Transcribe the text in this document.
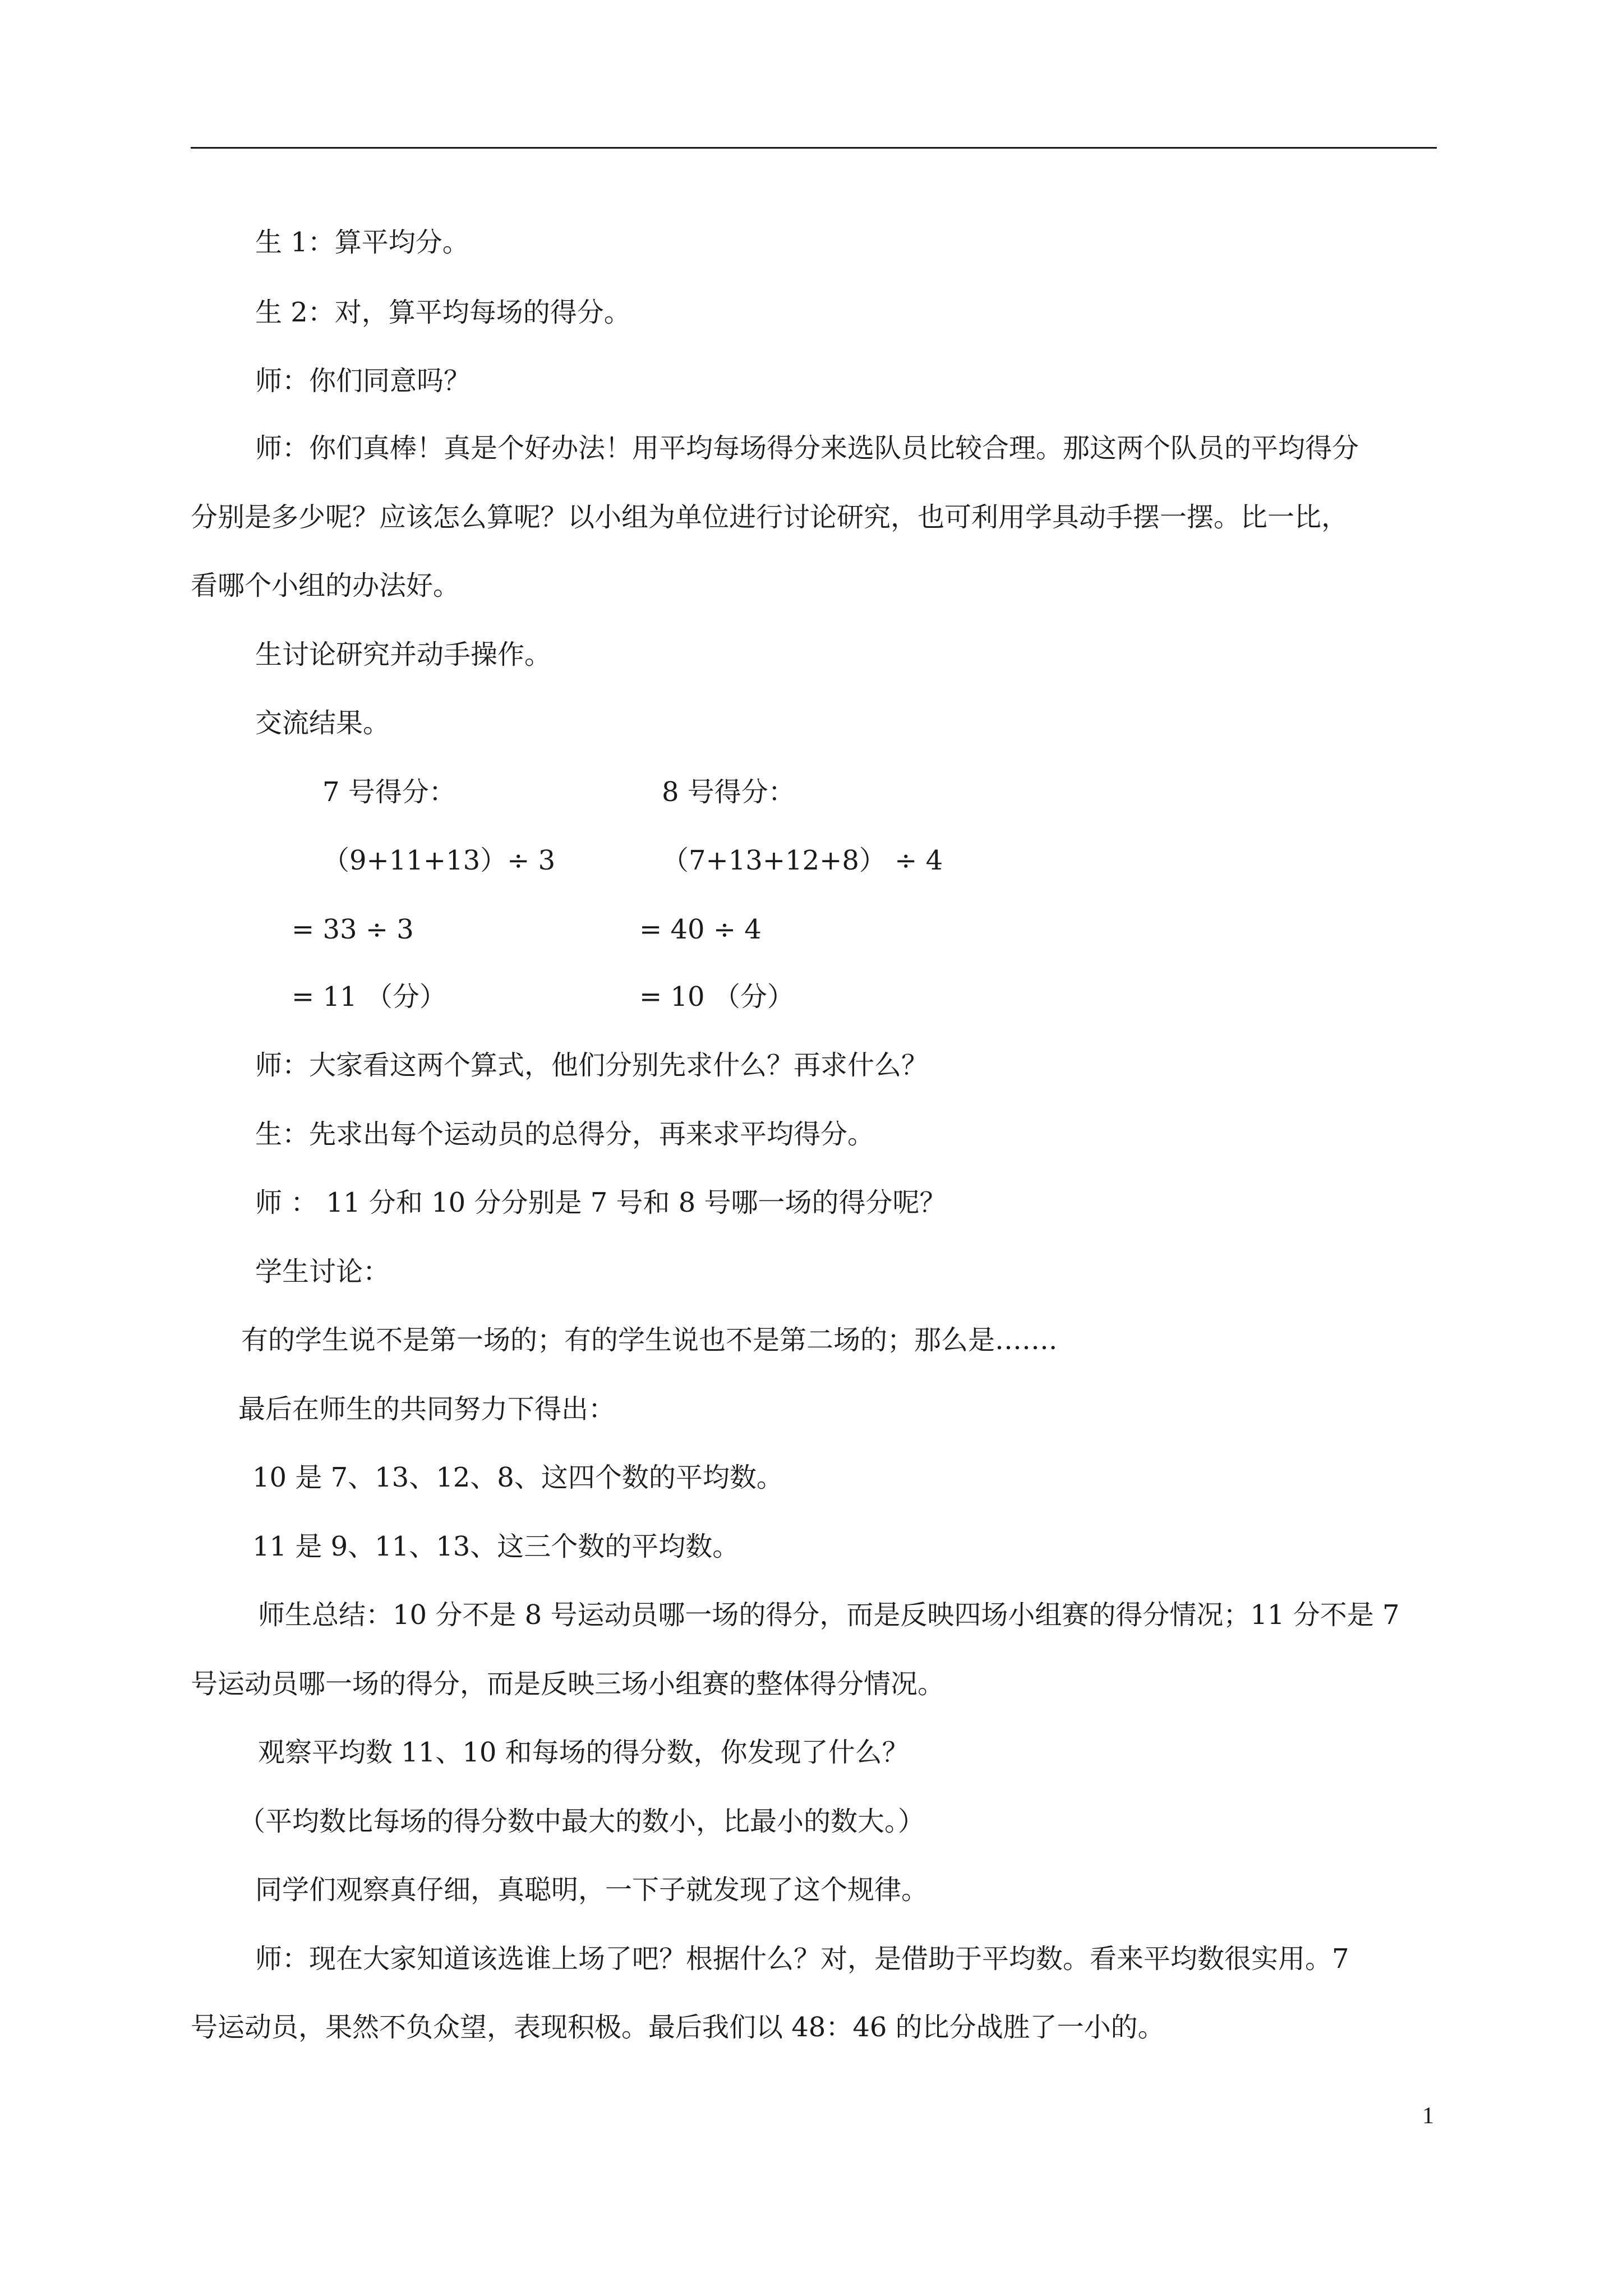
生 1：算平均分。
生 2：对，算平均每场的得分。
师：你们同意吗？
师：你们真棒！真是个好办法！用平均每场得分来选队员比较合理。那这两个队员的平均得分
分别是多少呢？应该怎么算呢？以小组为单位进行讨论研究，也可利用学具动手摆一摆。比一比，
看哪个小组的办法好。
生讨论研究并动手操作。
交流结果。
7 号得分：	8 号得分：
（9+11+13）÷ 3	（7+13+12+8） ÷ 4
= 33 ÷ 3	= 40 ÷ 4
= 11 （分）	= 10 （分）
师：大家看这两个算式，他们分别先求什么？再求什么？
生：先求出每个运动员的总得分，再来求平均得分。
师 ： 11 分和 10 分分别是 7 号和 8 号哪一场的得分呢？
学生讨论：
有的学生说不是第一场的；有的学生说也不是第二场的；那么是…….
最后在师生的共同努力下得出：
10 是 7、13、12、8、这四个数的平均数。
11 是 9、11、13、这三个数的平均数。
师生总结：10 分不是 8 号运动员哪一场的得分，而是反映四场小组赛的得分情况；11 分不是 7
号运动员哪一场的得分，而是反映三场小组赛的整体得分情况。
观察平均数 11、10 和每场的得分数，你发现了什么？
（平均数比每场的得分数中最大的数小，比最小的数大。）
同学们观察真仔细，真聪明，一下子就发现了这个规律。
师：现在大家知道该选谁上场了吧？根据什么？对，是借助于平均数。看来平均数很实用。7
号运动员，果然不负众望，表现积极。最后我们以 48：46 的比分战胜了一小的。
1
